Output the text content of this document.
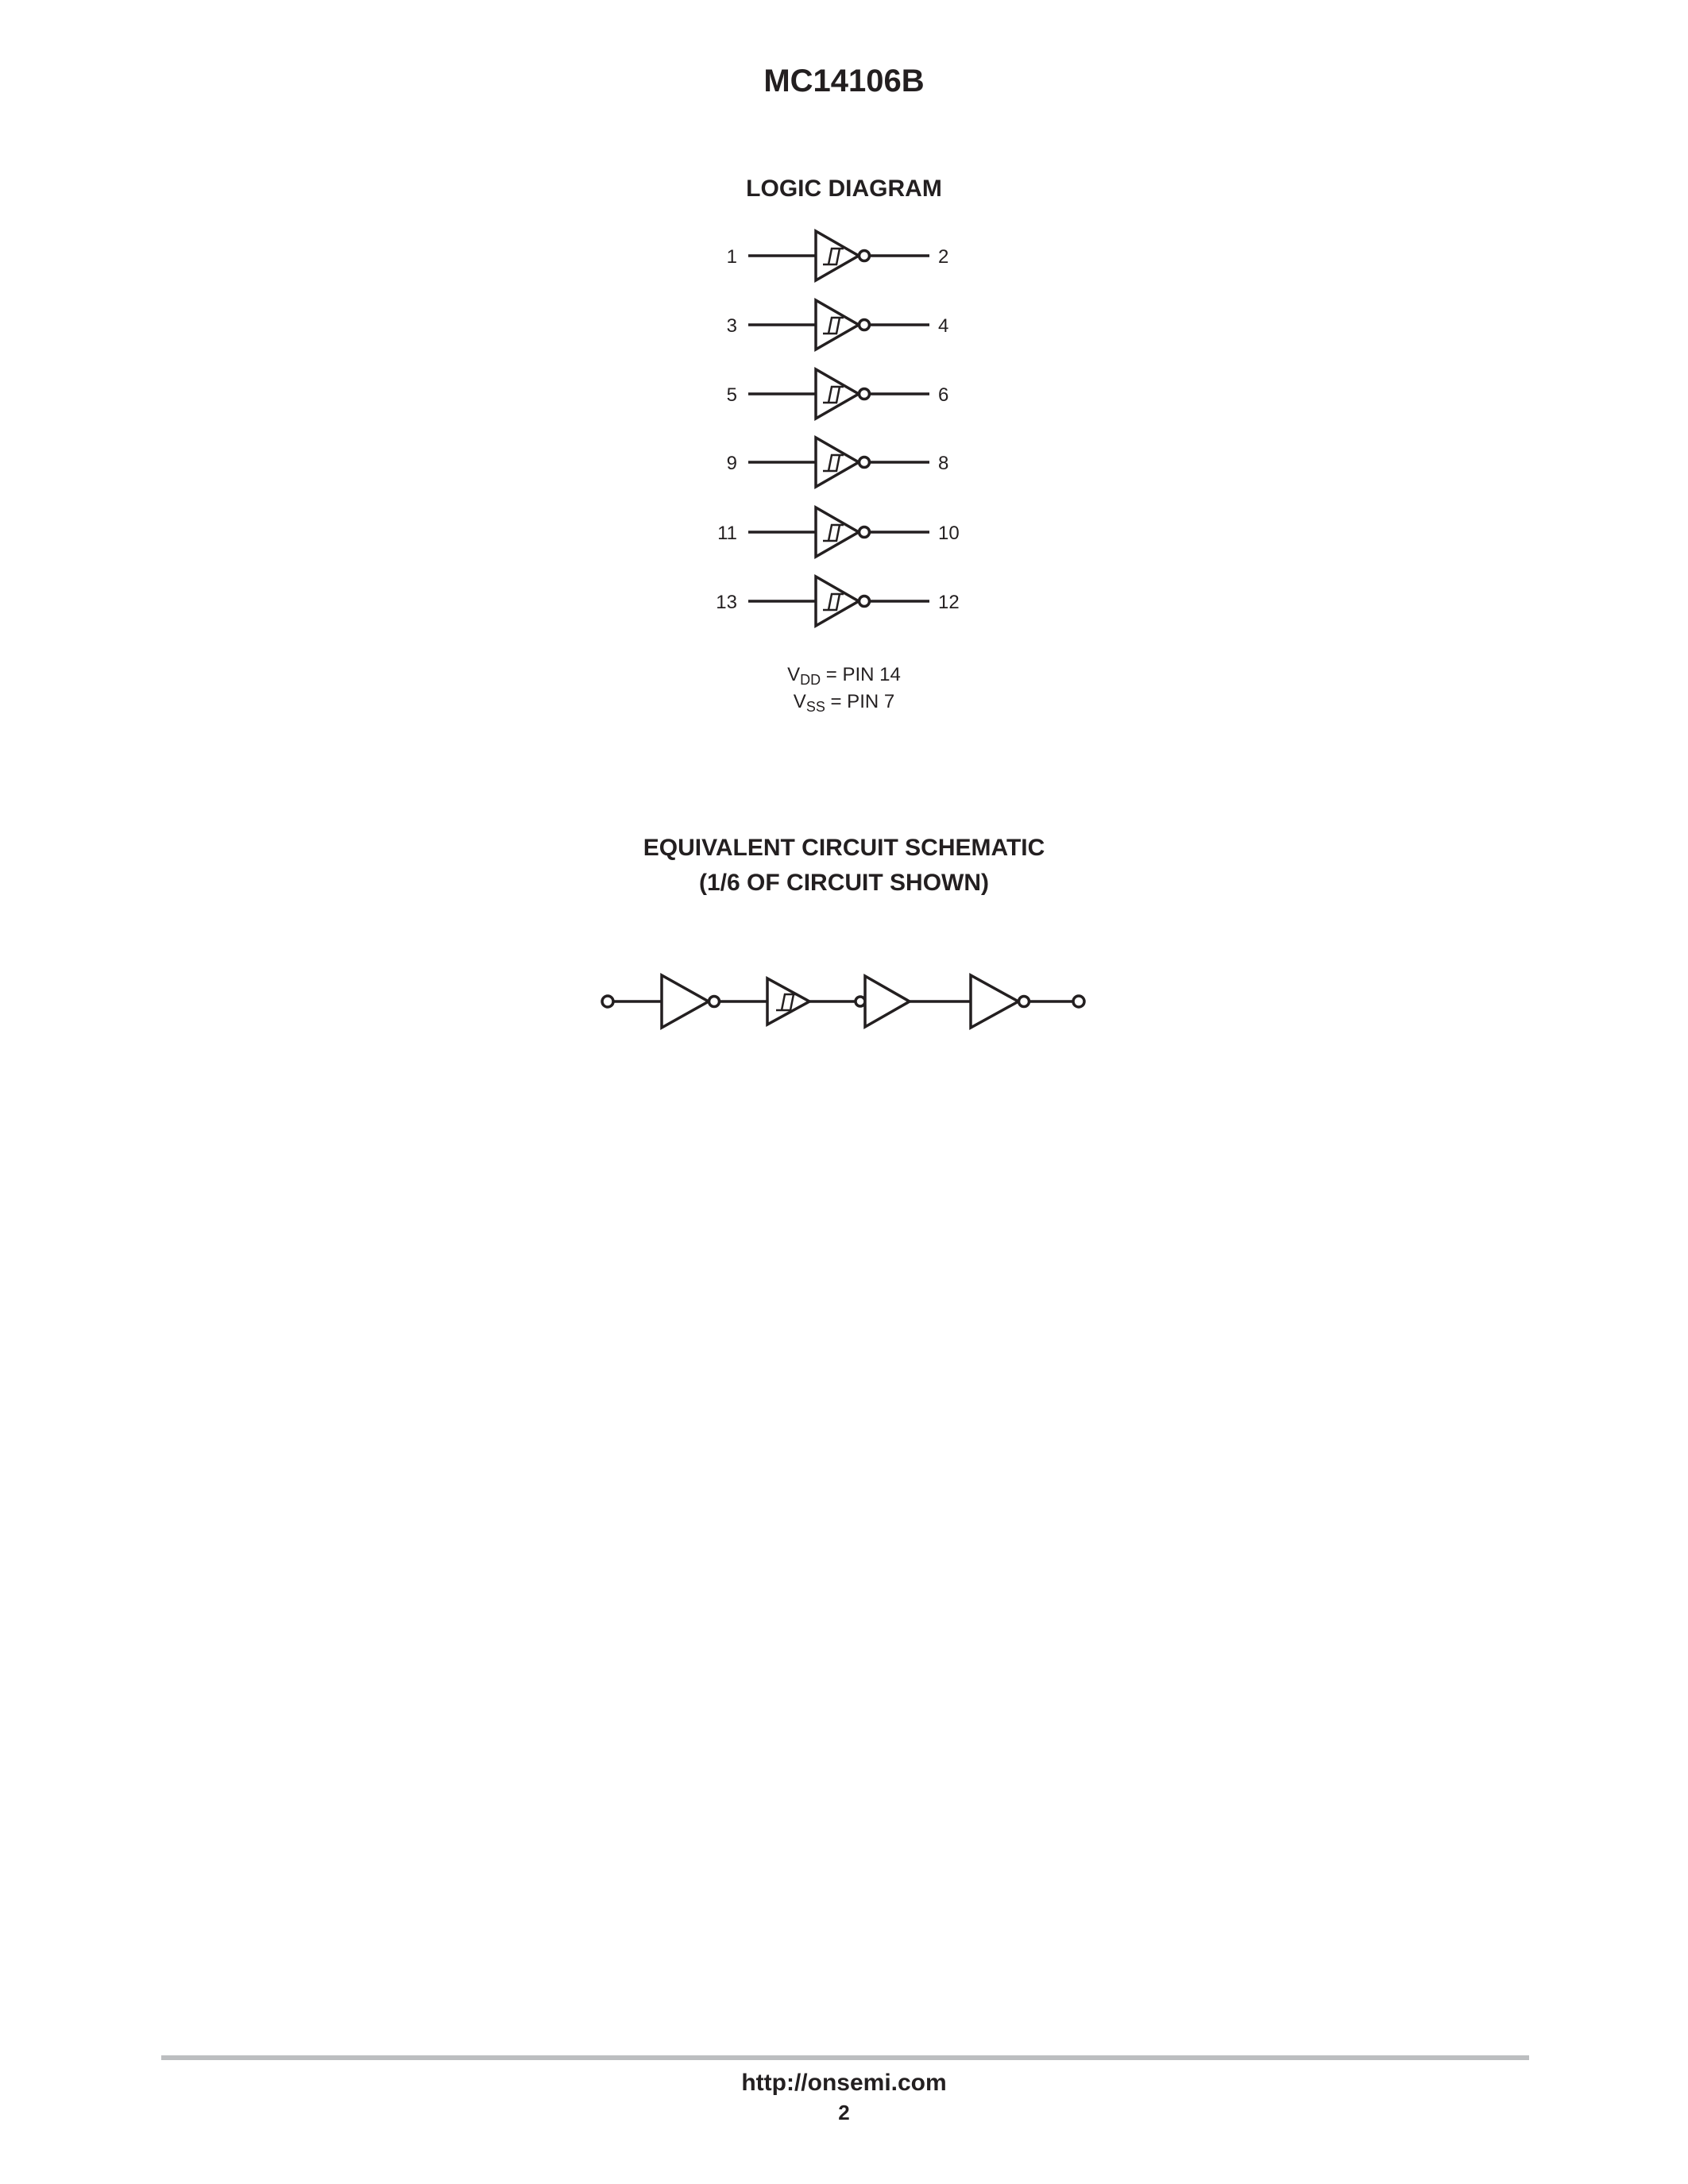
MC14106B
LOGIC DIAGRAM
1	2
3	4
5	6
9	8
11	10
13	12
$V_{DD}$ = PIN 14
$V_{SS}$ = PIN 7
EQUIVALENT CIRCUIT SCHEMATIC
(1/6 OF CIRCUIT SHOWN)
http://onsemi.com
2
